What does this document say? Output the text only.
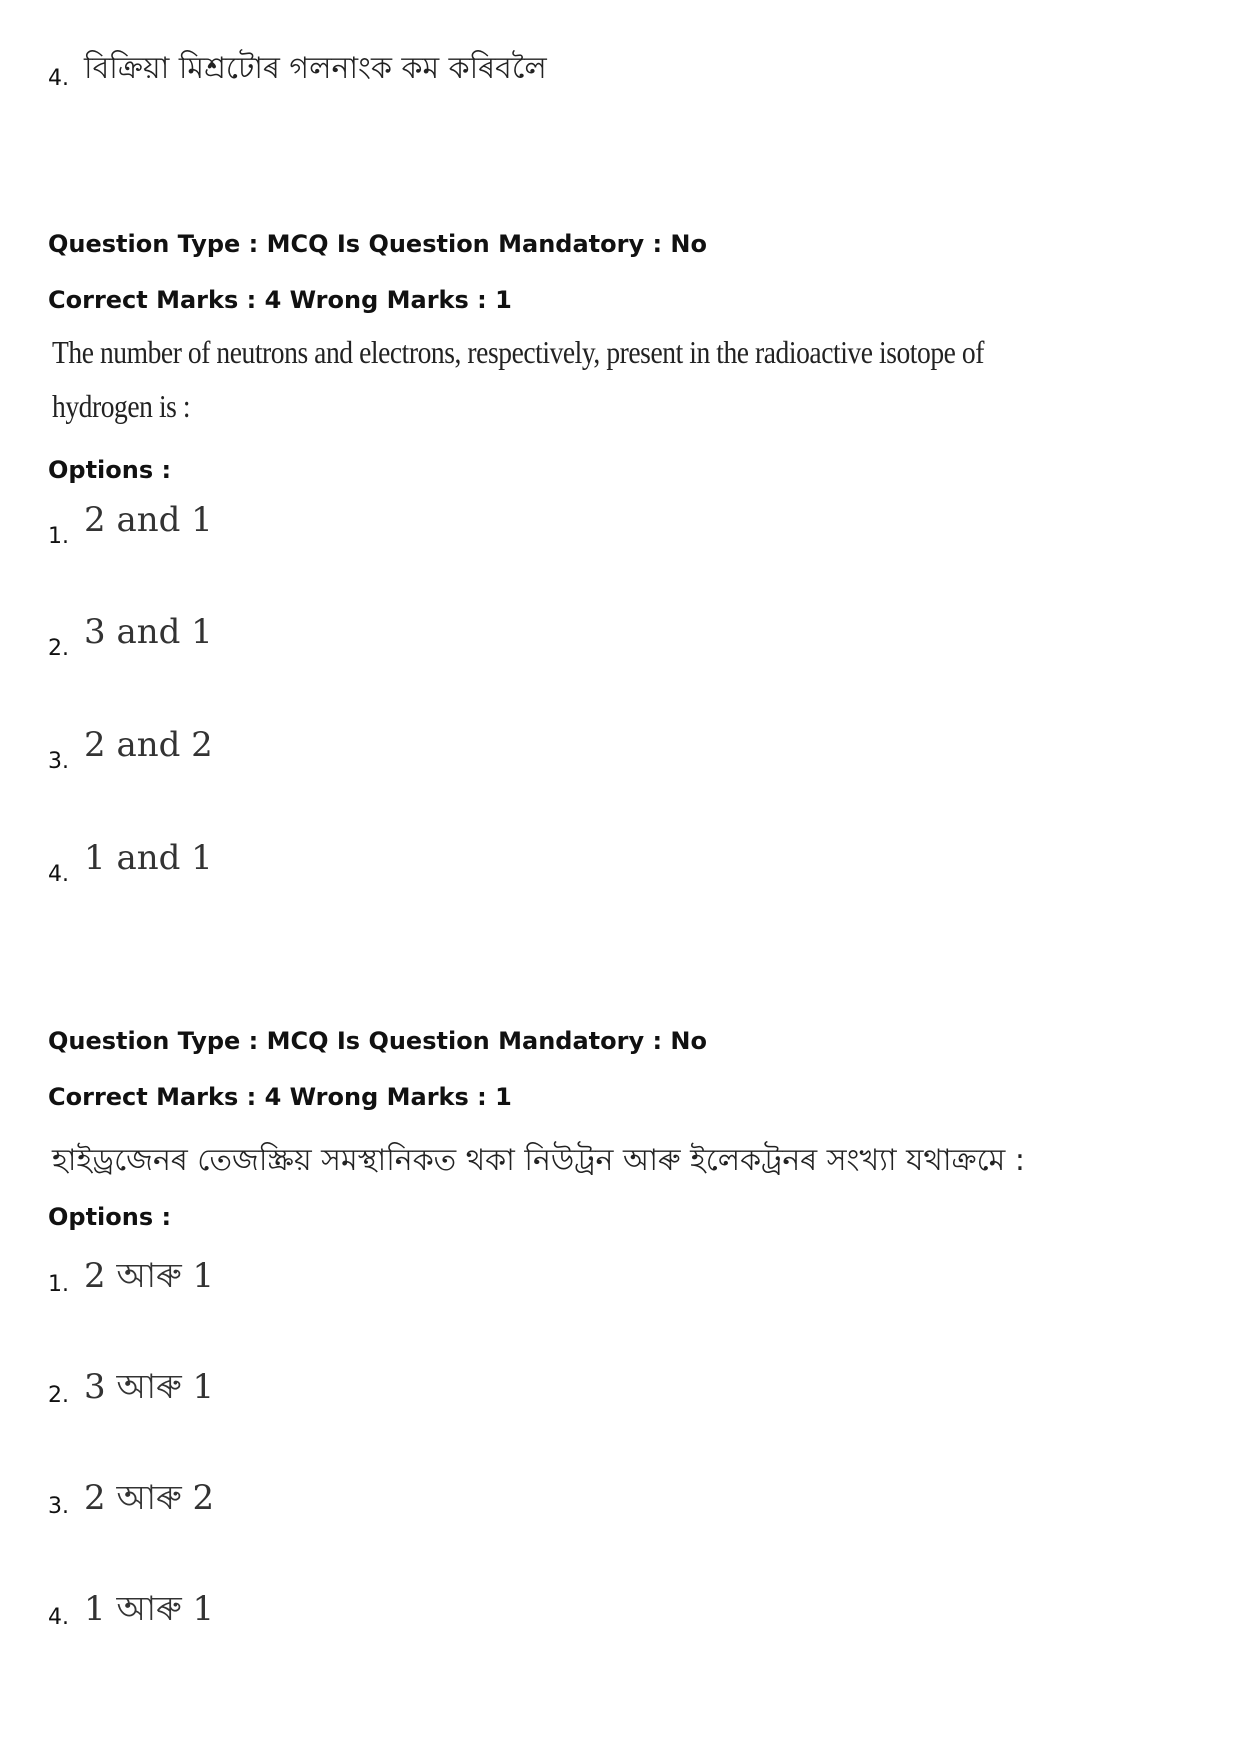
4. বিক্রিয়া মিশ্ৰটোৰ গলনাংক কম কৰিবলৈ
Question Type : MCQ Is Question Mandatory : No
Correct Marks : 4 Wrong Marks : 1
The number of neutrons and electrons, respectively, present in the radioactive isotope of
hydrogen is :
Options :
1. 2 and 1
2. 3 and 1
3. 2 and 2
4. 1 and 1
Question Type : MCQ Is Question Mandatory : No
Correct Marks : 4 Wrong Marks : 1
হাইড্ৰজেনৰ তেজস্ক্ৰিয় সমস্থানিকত থকা নিউট্ৰন আৰু ইলেকট্ৰনৰ সংখ্যা যথাক্ৰমে :
Options :
1. 2 আৰু 1
2. 3 আৰু 1
3. 2 আৰু 2
4. 1 আৰু 1
